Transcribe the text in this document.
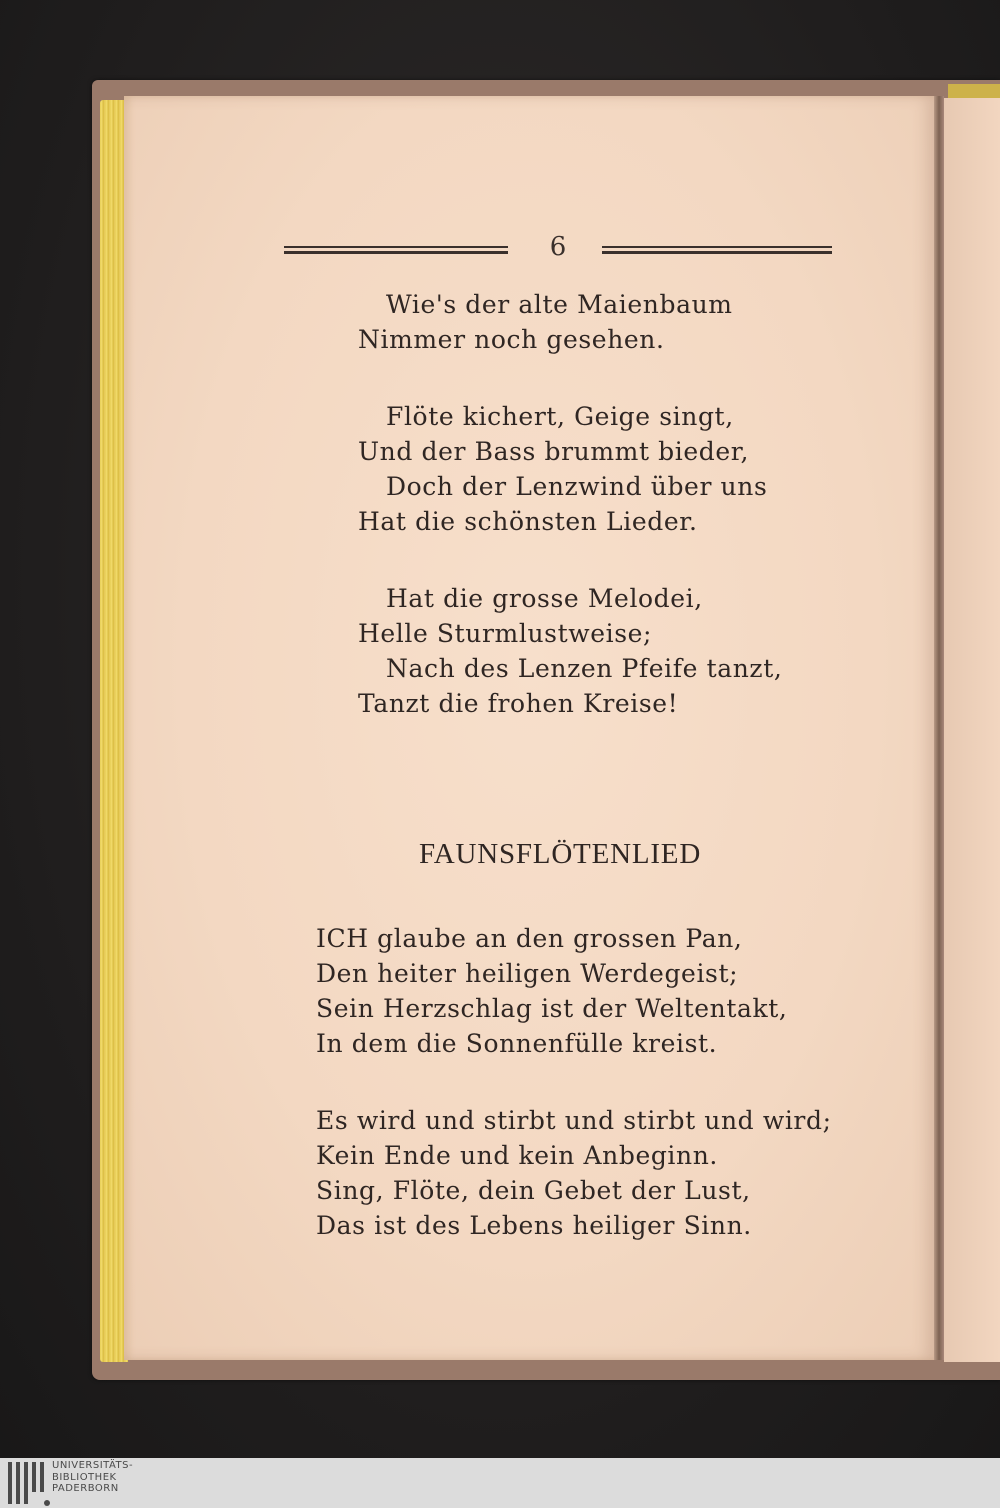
6
Wie's der alte Maienbaum
Nimmer noch gesehen.
Flöte kichert, Geige singt,
Und der Bass brummt bieder,
Doch der Lenzwind über uns
Hat die schönsten Lieder.
Hat die grosse Melodei,
Helle Sturmlustweise;
Nach des Lenzen Pfeife tanzt,
Tanzt die frohen Kreise!
FAUNSFLÖTENLIED
ICH glaube an den grossen Pan,
Den heiter heiligen Werdegeist;
Sein Herzschlag ist der Weltentakt,
In dem die Sonnenfülle kreist.
Es wird und stirbt und stirbt und wird;
Kein Ende und kein Anbeginn.
Sing, Flöte, dein Gebet der Lust,
Das ist des Lebens heiliger Sinn.
UNIVERSITÄTS-
BIBLIOTHEK
PADERBORN
